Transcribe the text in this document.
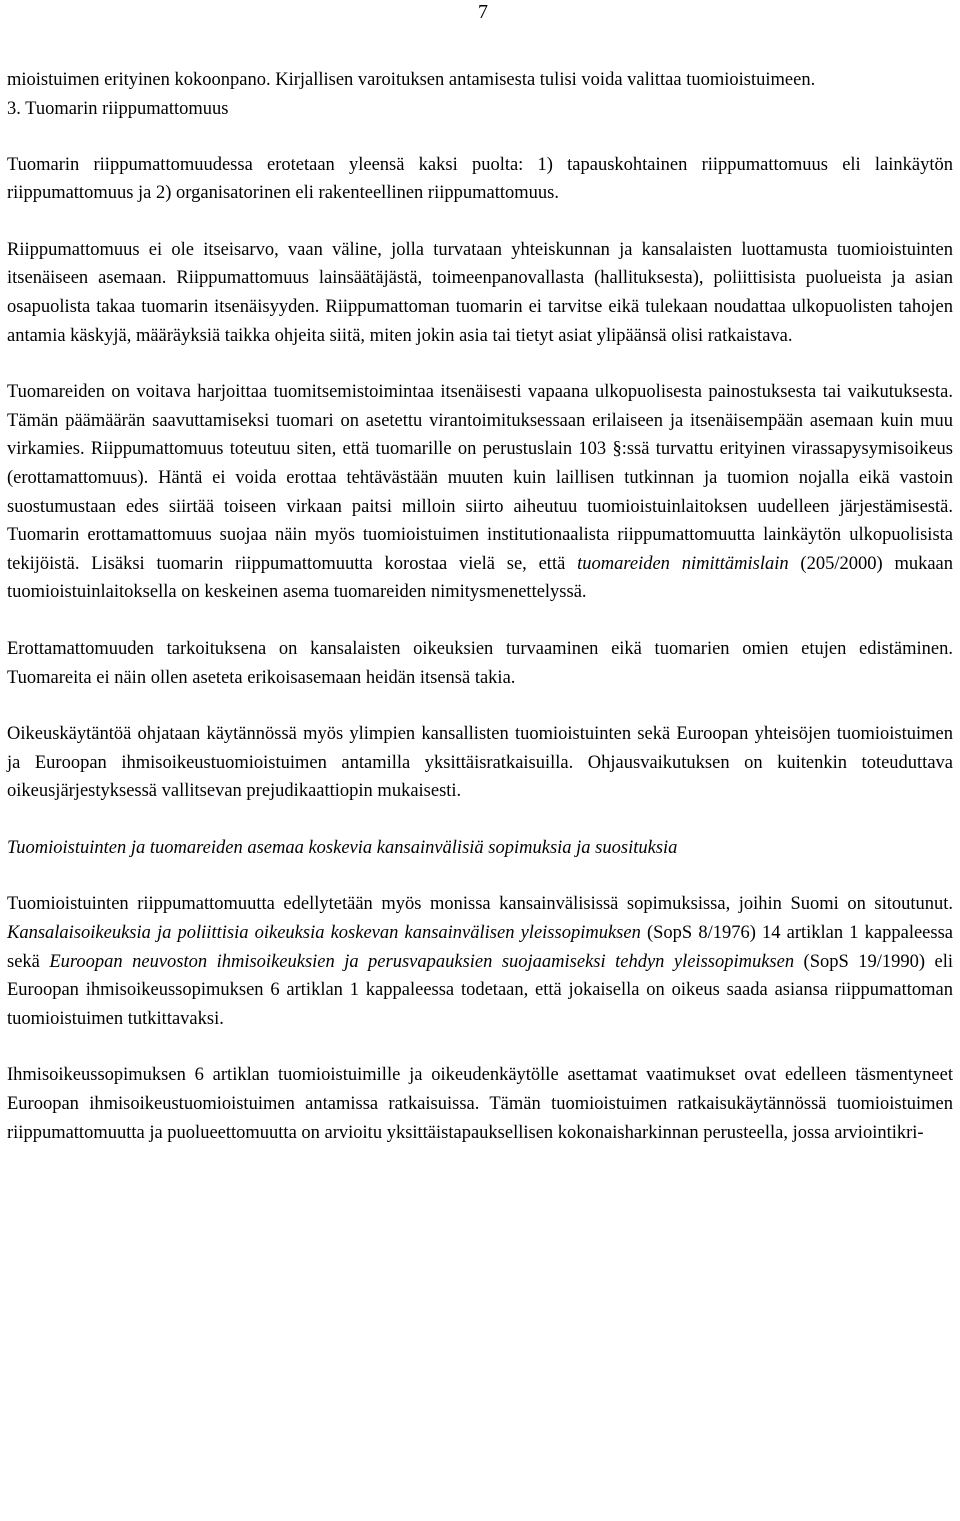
7

mioistuimen erityinen kokoonpano. Kirjallisen varoituksen antamisesta tulisi voida valittaa tuomioistuimeen.

3. Tuomarin riippumattomuus

Tuomarin riippumattomuudessa erotetaan yleensä kaksi puolta: 1) tapauskohtainen riippumattomuus eli lainkäytön riippumattomuus ja 2) organisatorinen eli rakenteellinen riippumattomuus.

Riippumattomuus ei ole itseisarvo, vaan väline, jolla turvataan yhteiskunnan ja kansalaisten luottamusta tuomioistuinten itsenäiseen asemaan. Riippumattomuus lainsäätäjästä, toimeenpanovallasta (hallituksesta), poliittisista puolueista ja asian osapuolista takaa tuomarin itsenäisyyden. Riippumattoman tuomarin ei tarvitse eikä tulekaan noudattaa ulkopuolisten tahojen antamia käskyjä, määräyksiä taikka ohjeita siitä, miten jokin asia tai tietyt asiat ylipäänsä olisi ratkaistava.

Tuomareiden on voitava harjoittaa tuomitsemistoimintaa itsenäisesti vapaana ulkopuolisesta painostuksesta tai vaikutuksesta. Tämän päämäärän saavuttamiseksi tuomari on asetettu virantoimituksessaan erilaiseen ja itsenäisempään asemaan kuin muu virkamies. Riippumattomuus toteutuu siten, että tuomarille on perustuslain 103 §:ssä turvattu erityinen virassapysymisoikeus (erottamattomuus). Häntä ei voida erottaa tehtävästään muuten kuin laillisen tutkinnan ja tuomion nojalla eikä vastoin suostumustaan edes siirtää toiseen virkaan paitsi milloin siirto aiheutuu tuomioistuinlaitoksen uudelleen järjestämisestä. Tuomarin erottamattomuus suojaa näin myös tuomioistuimen institutionaalista riippumattomuutta lainkäytön ulkopuolisista tekijöistä. Lisäksi tuomarin riippumattomuutta korostaa vielä se, että tuomareiden nimittämislain (205/2000) mukaan tuomioistuinlaitoksella on keskeinen asema tuomareiden nimitysmenettelyssä.

Erottamattomuuden tarkoituksena on kansalaisten oikeuksien turvaaminen eikä tuomarien omien etujen edistäminen. Tuomareita ei näin ollen aseteta erikoisasemaan heidän itsensä takia.

Oikeuskäytäntöä ohjataan käytännössä myös ylimpien kansallisten tuomioistuinten sekä Euroopan yhteisöjen tuomioistuimen ja Euroopan ihmisoikeustuomioistuimen antamilla yksittäisratkaisuilla. Ohjausvaikutuksen on kuitenkin toteuduttava oikeusjärjestyksessä vallitsevan prejudikaattiopin mukaisesti.

Tuomioistuinten ja tuomareiden asemaa koskevia kansainvälisiä sopimuksia ja suosituksia

Tuomioistuinten riippumattomuutta edellytetään myös monissa kansainvälisissä sopimuksissa, joihin Suomi on sitoutunut. Kansalaisoikeuksia ja poliittisia oikeuksia koskevan kansainvälisen yleissopimuksen (SopS 8/1976) 14 artiklan 1 kappaleessa sekä Euroopan neuvoston ihmisoikeuksien ja perusvapauksien suojaamiseksi tehdyn yleissopimuksen (SopS 19/1990) eli Euroopan ihmisoikeussopimuksen 6 artiklan 1 kappaleessa todetaan, että jokaisella on oikeus saada asiansa riippumattoman tuomioistuimen tutkittavaksi.

Ihmisoikeussopimuksen 6 artiklan tuomioistuimille ja oikeudenkäytölle asettamat vaatimukset ovat edelleen täsmentyneet Euroopan ihmisoikeustuomioistuimen antamissa ratkaisuissa. Tämän tuomioistuimen ratkaisukäytännössä tuomioistuimen riippumattomuutta ja puolueettomuutta on arvioitu yksittäistapauksellisen kokonaisharkinnan perusteella, jossa arviointikri-
